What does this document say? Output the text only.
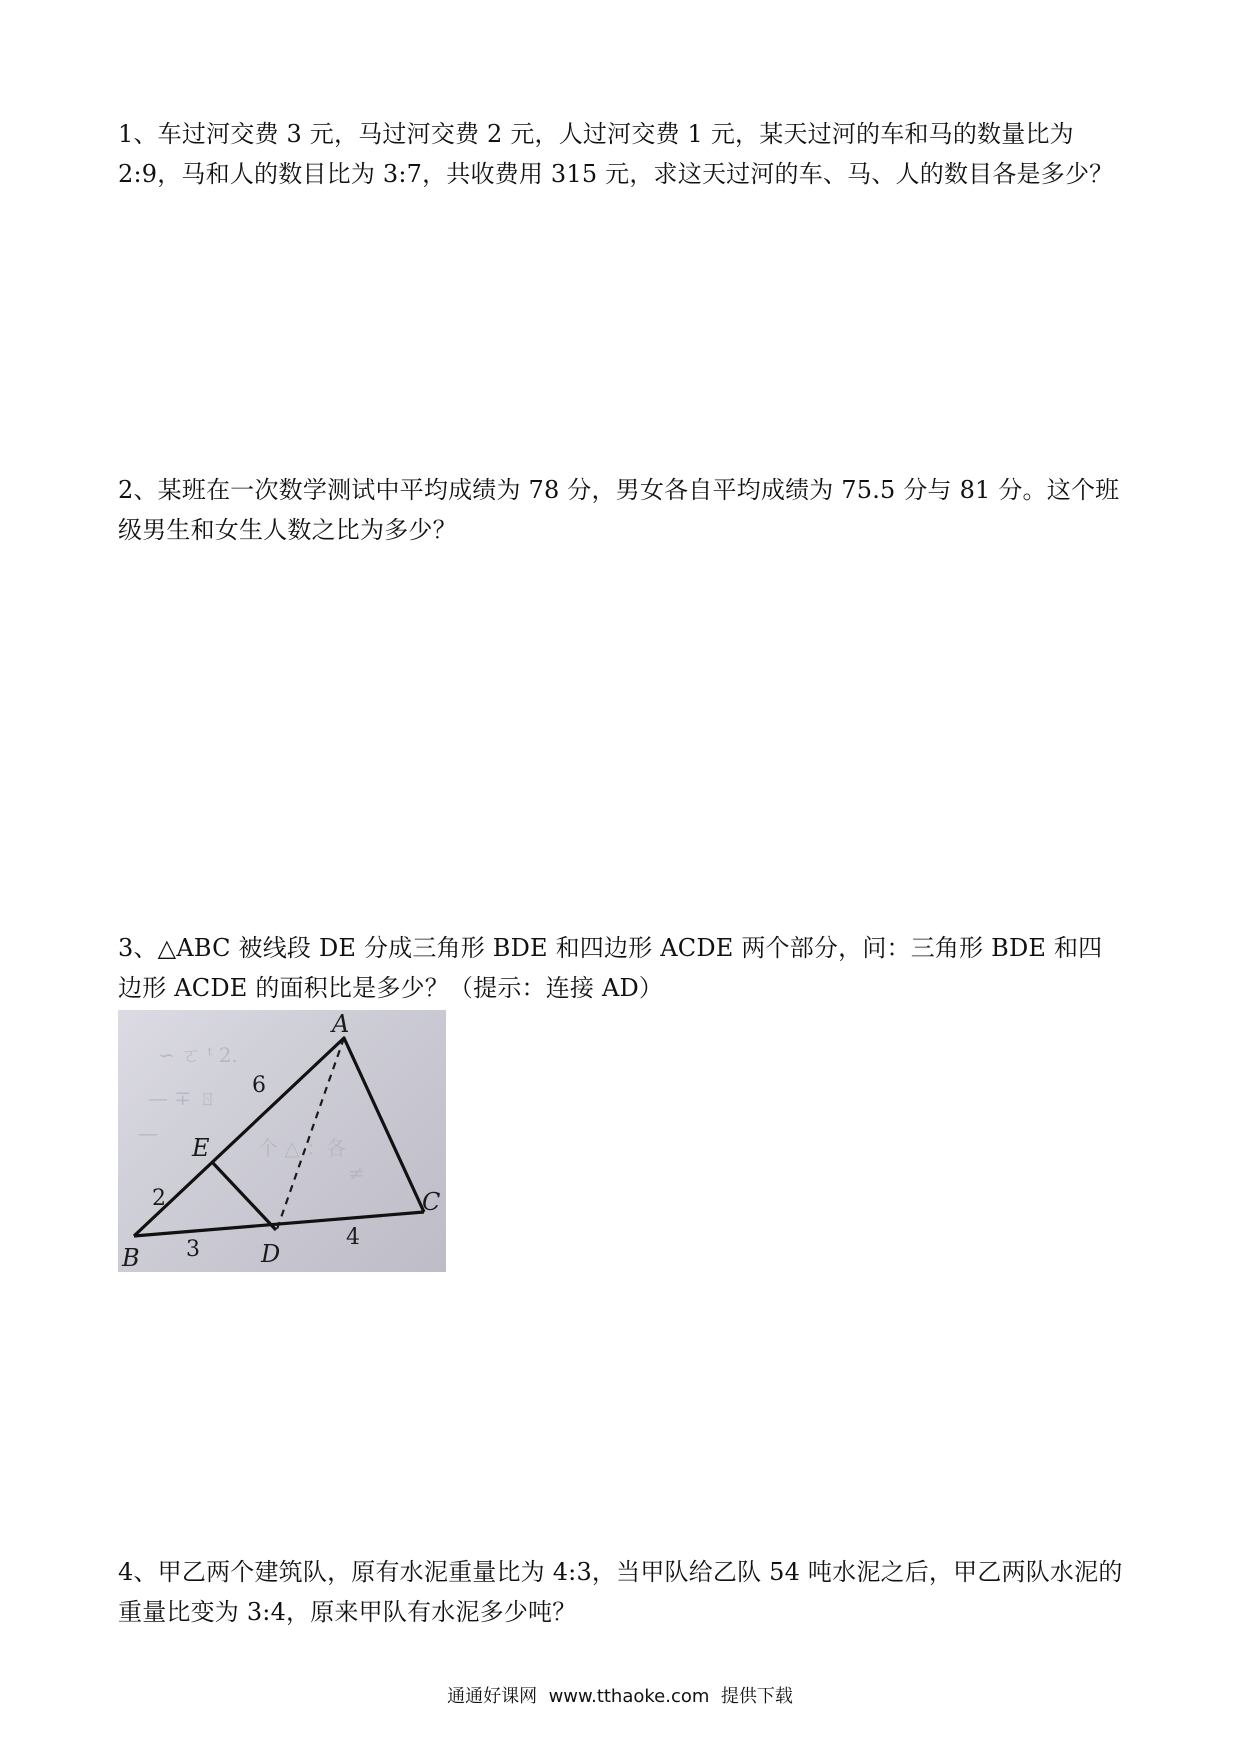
1、车过河交费 3 元，马过河交费 2 元，人过河交费 1 元，某天过河的车和马的数量比为 2:9，马和人的数目比为 3:7，共收费用 315 元，求这天过河的车、马、人的数目各是多少？

2、某班在一次数学测试中平均成绩为 78 分，男女各自平均成绩为 75.5 分与 81 分。这个班级男生和女生人数之比为多少？

3、△ABC 被线段 DE 分成三角形 BDE 和四边形 ACDE 两个部分，问：三角形 BDE 和四边形 ACDE 的面积比是多少？（提示：连接 AD）

∽ ㄛ ᵗ 2.
— ∓ ㄖ
个 △ ：各
≠
—
A
B
C
D
E
6
2
3	4

4、甲乙两个建筑队，原有水泥重量比为 4:3，当甲队给乙队 54 吨水泥之后，甲乙两队水泥的重量比变为 3:4，原来甲队有水泥多少吨？

通通好课网 www.tthaoke.com 提供下载
